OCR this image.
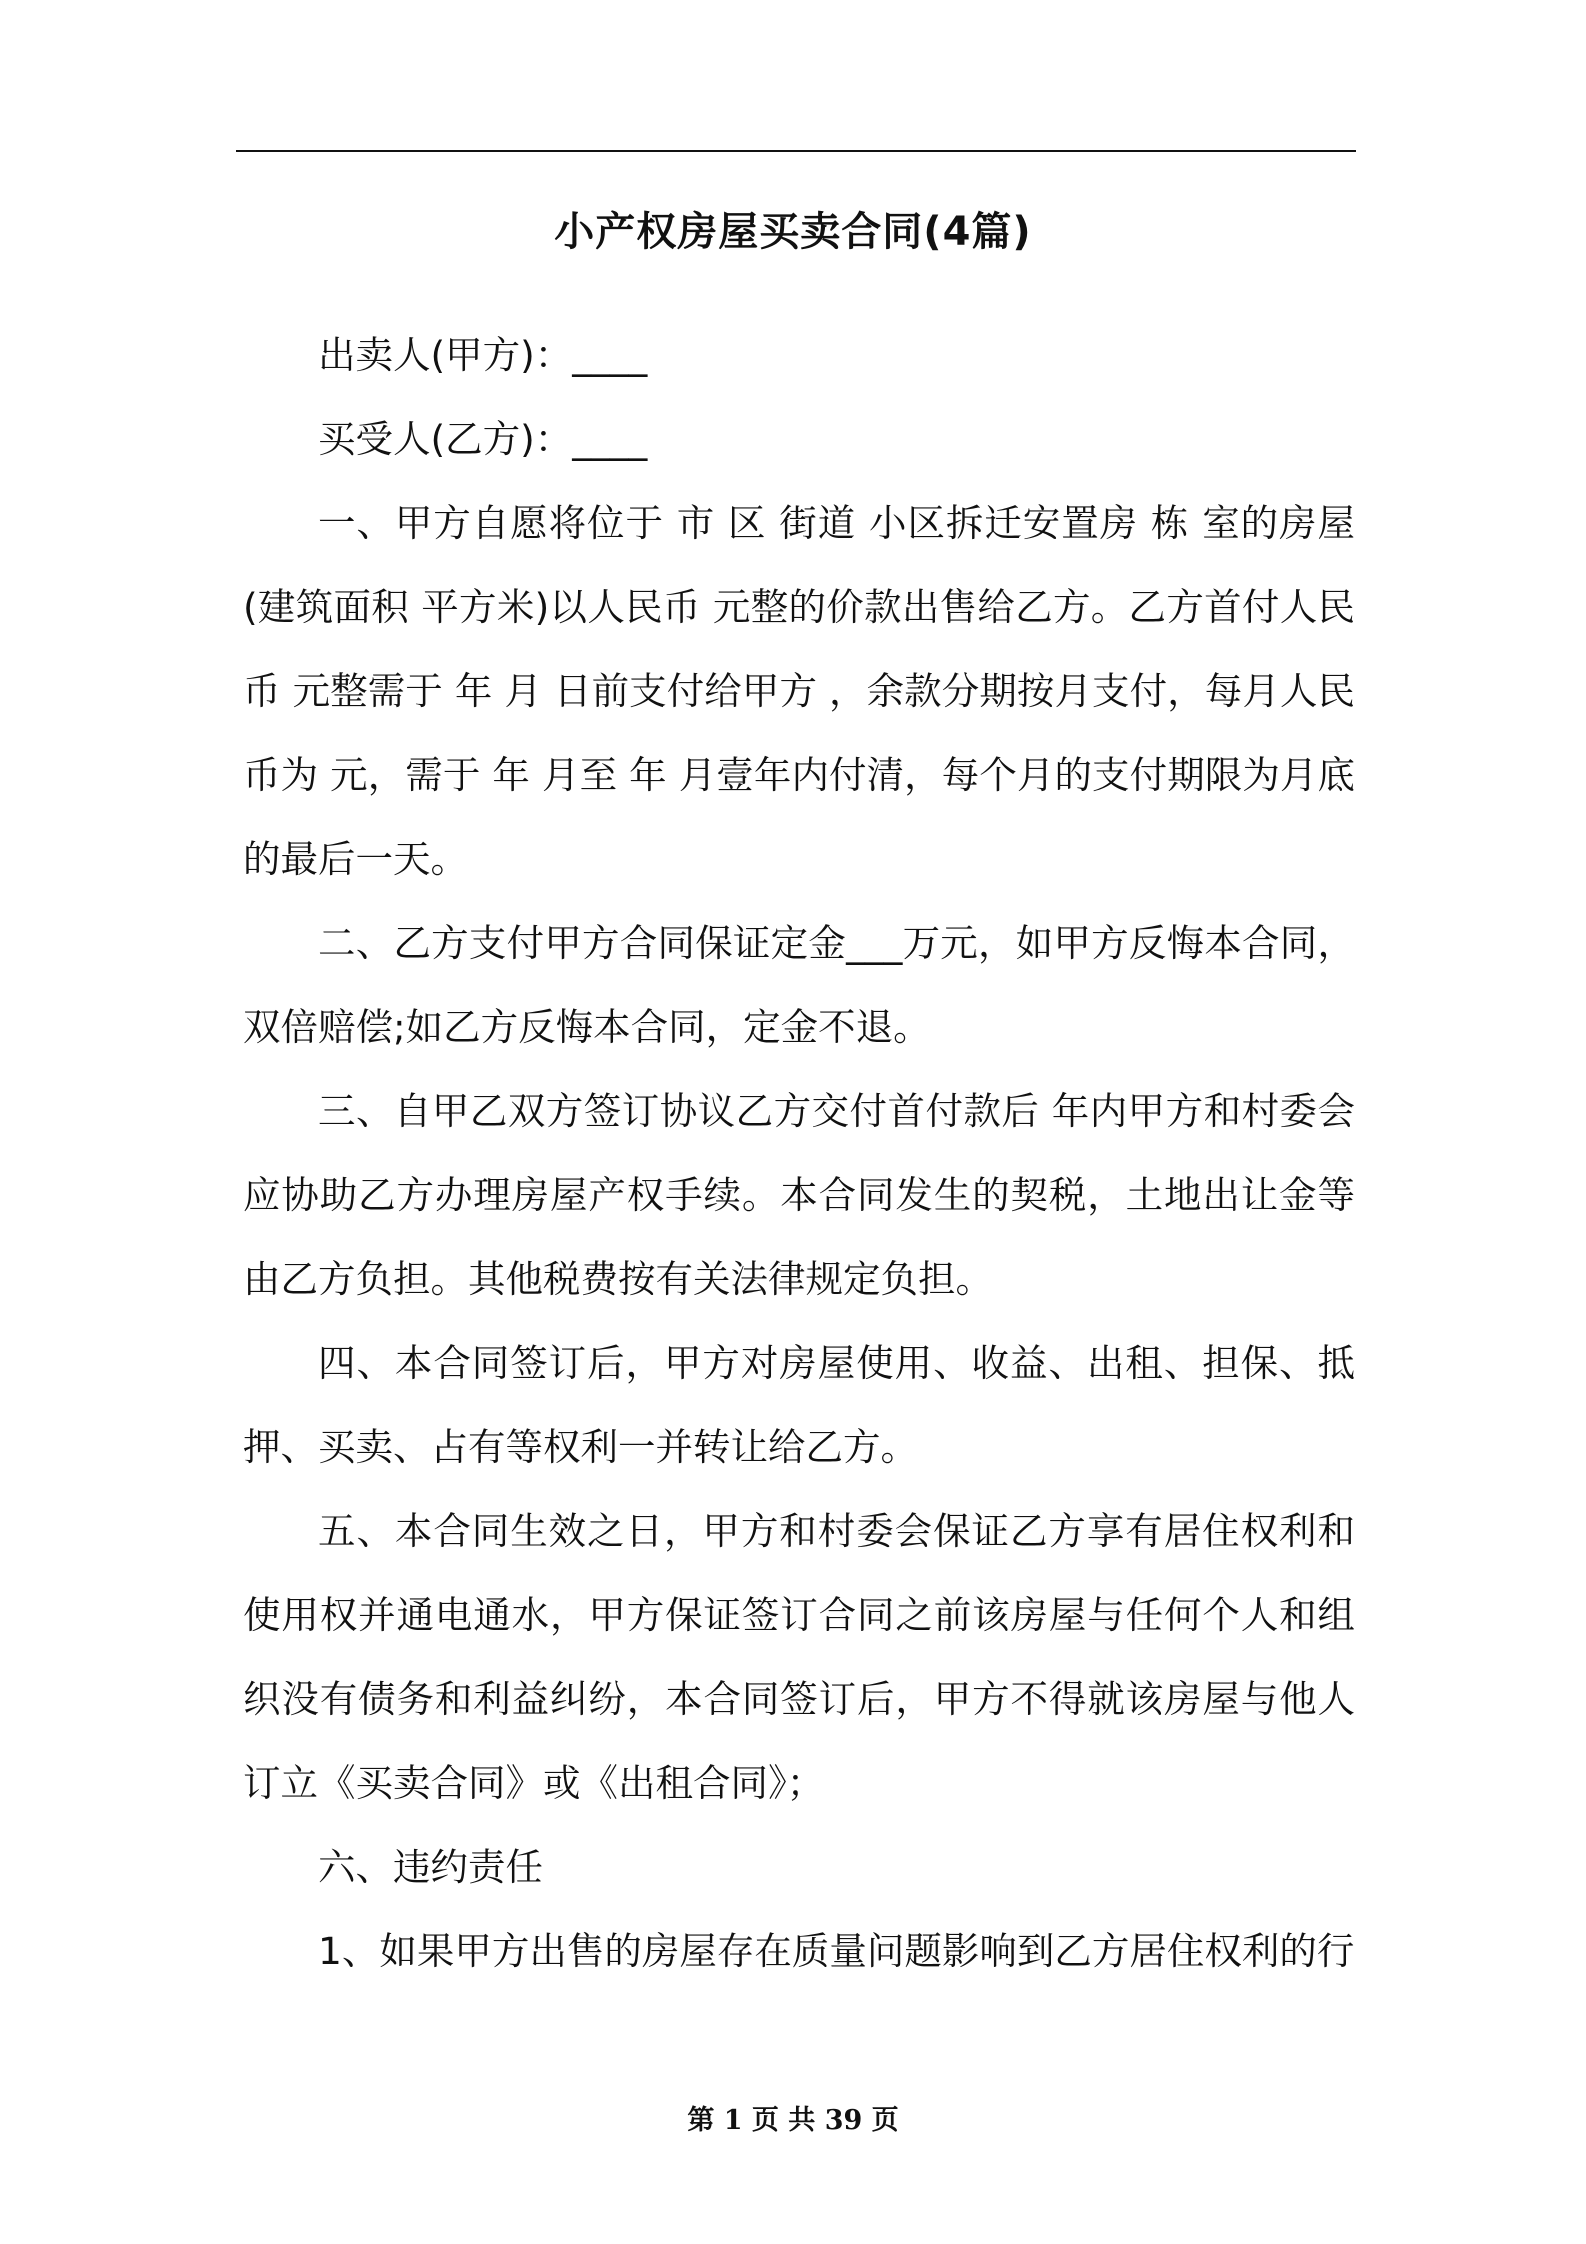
小产权房屋买卖合同(4篇)

出卖人(甲方)：____

买受人(乙方)：____

一、甲方自愿将位于 市 区 街道 小区拆迁安置房 栋 室的房屋(建筑面积 平方米)以人民币 元整的价款出售给乙方。乙方首付人民币 元整需于 年 月 日前支付给甲方 ，余款分期按月支付，每月人民币为 元，需于 年 月至 年 月壹年内付清，每个月的支付期限为月底的最后一天。

二、乙方支付甲方合同保证定金___万元，如甲方反悔本合同，双倍赔偿;如乙方反悔本合同，定金不退。

三、自甲乙双方签订协议乙方交付首付款后 年内甲方和村委会应协助乙方办理房屋产权手续。本合同发生的契税，土地出让金等由乙方负担。其他税费按有关法律规定负担。

四、本合同签订后，甲方对房屋使用、收益、出租、担保、抵押、买卖、占有等权利一并转让给乙方。

五、本合同生效之日，甲方和村委会保证乙方享有居住权利和使用权并通电通水，甲方保证签订合同之前该房屋与任何个人和组织没有债务和利益纠纷，本合同签订后，甲方不得就该房屋与他人订立《买卖合同》或《出租合同》；

六、违约责任

1、如果甲方出售的房屋存在质量问题影响到乙方居住权利的行

第 1 页 共 39 页
